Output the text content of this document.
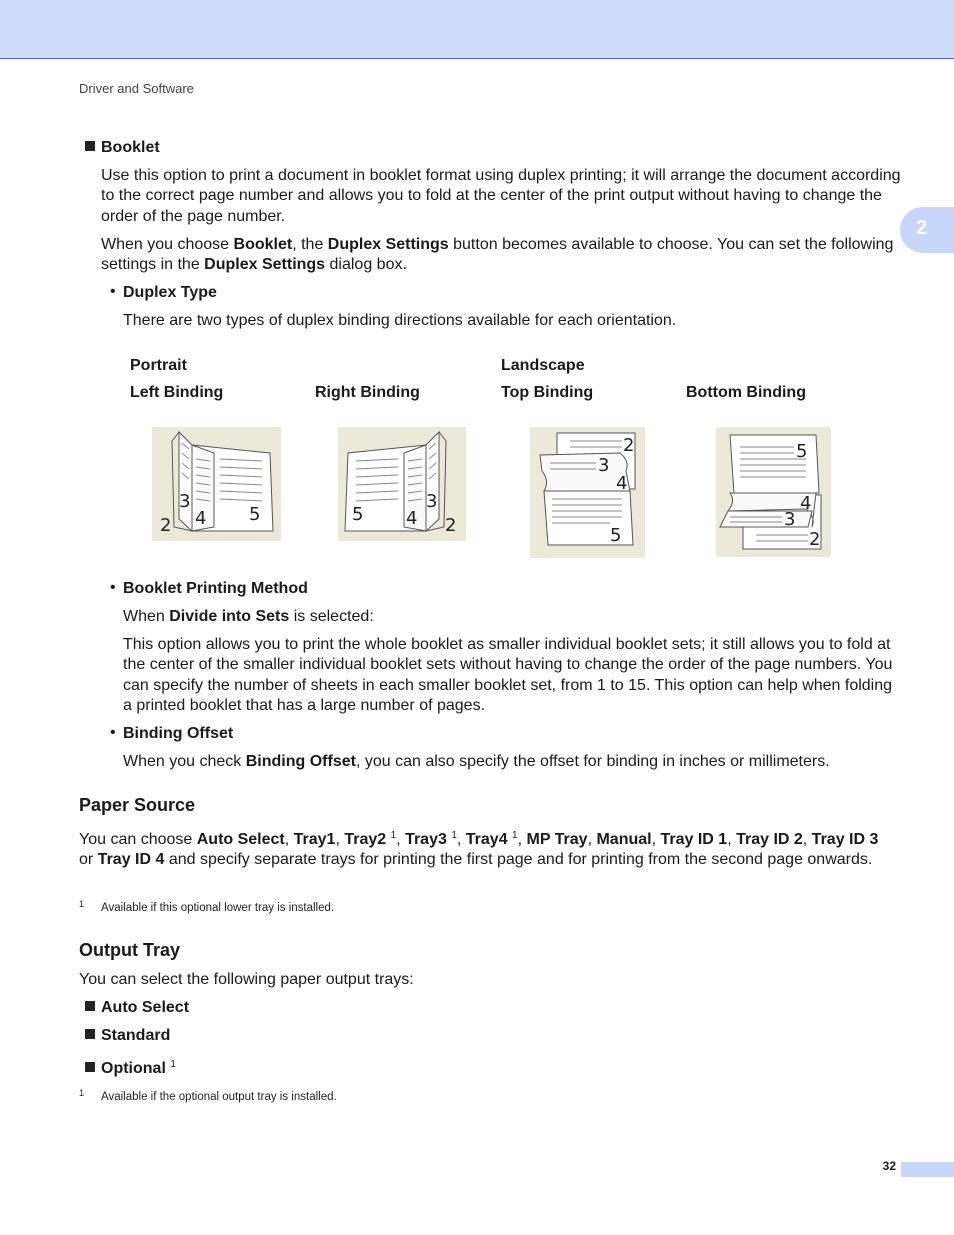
Driver and Software
2
Booklet

Use this option to print a document in booklet format using duplex printing; it will arrange the document according to the correct page number and allows you to fold at the center of the print output without having to change the order of the page number.

When you choose Booklet, the Duplex Settings button becomes available to choose. You can set the following settings in the Duplex Settings dialog box.

• Duplex Type

There are two types of duplex binding directions available for each orientation.

Portrait	Landscape
Left Binding	Right Binding	Top Binding	Bottom Binding
3
2 4 5	5 4
3
2
2
3
4
5
5
4
3
2
• Booklet Printing Method

When Divide into Sets is selected:

This option allows you to print the whole booklet as smaller individual booklet sets; it still allows you to fold at the center of the smaller individual booklet sets without having to change the order of the page numbers. You can specify the number of sheets in each smaller booklet set, from 1 to 15. This option can help when folding a printed booklet that has a large number of pages.

• Binding Offset

When you check Binding Offset, you can also specify the offset for binding in inches or millimeters.

Paper Source

You can choose Auto Select, Tray1, Tray2 $^1$, Tray3 $^1$, Tray4 $^1$, MP Tray, Manual, Tray ID 1, Tray ID 2, Tray ID 3 or Tray ID 4 and specify separate trays for printing the first page and for printing from the second page onwards.

1 Available if this optional lower tray is installed.
Output Tray

You can select the following paper output trays:

Auto Select
Standard
Optional $^1$
1 Available if the optional output tray is installed.
32
